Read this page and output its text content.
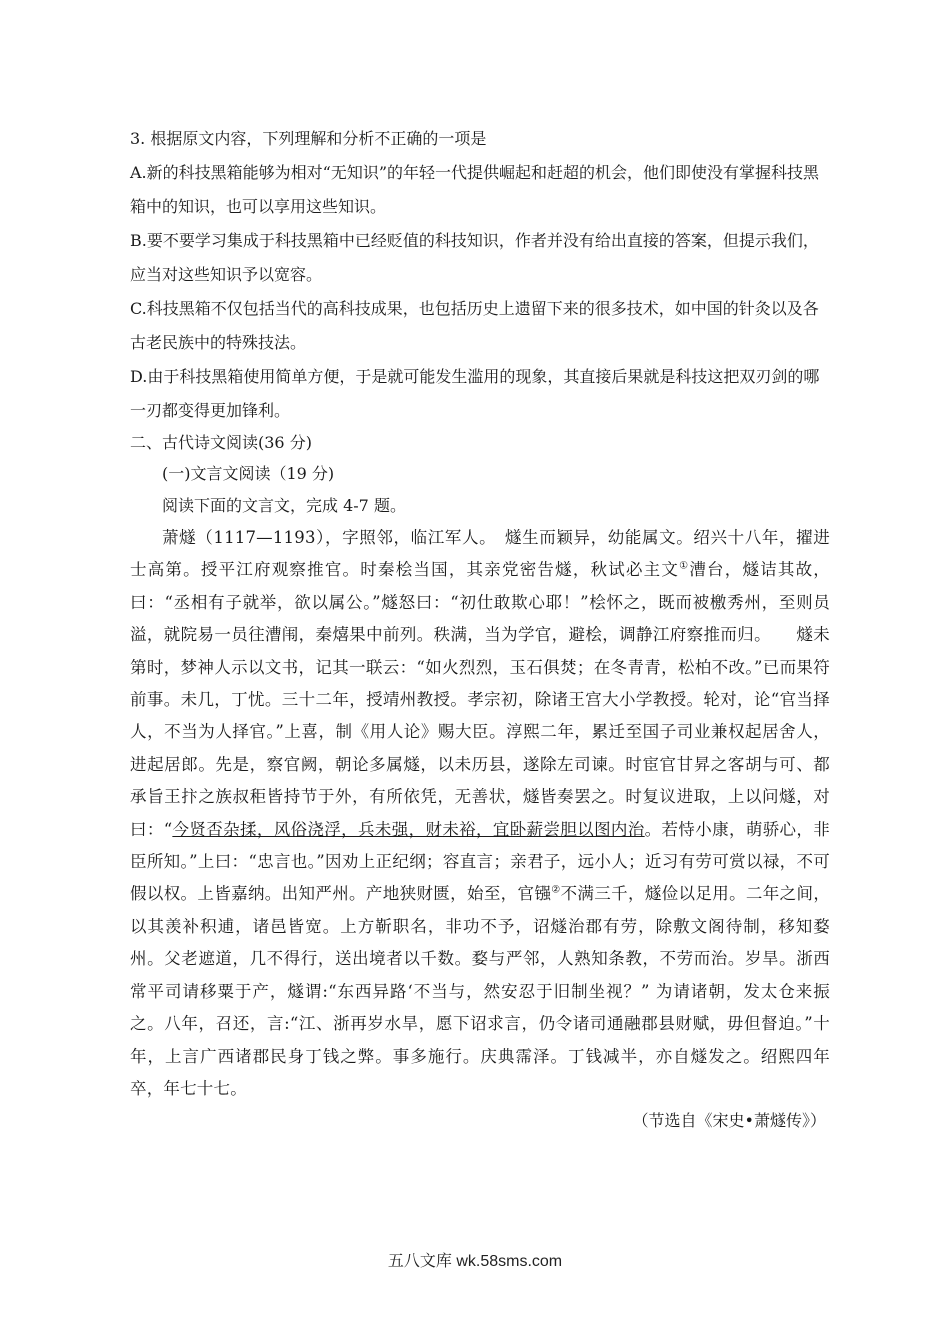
3. 根据原文内容，下列理解和分析不正确的一项是

A.新的科技黑箱能够为相对“无知识”的年轻一代提供崛起和赶超的机会，他们即使没有掌握科技黑箱中的知识，也可以享用这些知识。

B.要不要学习集成于科技黑箱中已经贬值的科技知识，作者并没有给出直接的答案，但提示我们，应当对这些知识予以宽容。

C.科技黑箱不仅包括当代的高科技成果，也包括历史上遗留下来的很多技术，如中国的针灸以及各古老民族中的特殊技法。

D.由于科技黑箱使用简单方便，于是就可能发生滥用的现象，其直接后果就是科技这把双刃剑的哪一刃都变得更加锋利。

二、古代诗文阅读(36 分)

(一)文言文阅读（19 分)

阅读下面的文言文，完成 4-7 题。

萧燧（1117—1193），字照邻，临江军人。　燧生而颖异，幼能属文。绍兴十八年，擢进士高第。授平江府观察推官。时秦桧当国，其亲党密告燧，秋试必主文①漕台，燧诘其故，曰：“丞相有子就举，欲以属公。”燧怒曰：“初仕敢欺心耶！”桧怀之，既而被檄秀州，至则员溢，就院易一员往漕闱，秦熺果中前列。秩满，当为学官，避桧，调静江府察推而归。　　燧未第时，梦神人示以文书，记其一联云：“如火烈烈，玉石俱焚；在冬青青，松柏不改。”已而果符前事。未几，丁忧。三十二年，授靖州教授。孝宗初，除诸王宫大小学教授。轮对，论“官当择人，不当为人择官。”上喜，制《用人论》赐大臣。淳熙二年，累迁至国子司业兼权起居舍人，进起居郎。先是，察官阙，朝论多属燧，以未历县，遂除左司谏。时宦官甘昇之客胡与可、都承旨王抃之族叔秬皆持节于外，有所依凭，无善状，燧皆奏罢之。时复议进取，上以问燧，对曰：“今贤否杂揉，风俗浇浮，兵未强，财未裕，宜卧薪尝胆以图内治。若恃小康，萌骄心，非臣所知。”上曰：“忠言也。”因劝上正纪纲；容直言；亲君子，远小人；近习有劳可赏以禄，不可假以权。上皆嘉纳。出知严州。产地狭财匮，始至，官镪②不满三千，燧俭以足用。二年之间，以其羡补积逋，诸邑皆宽。上方靳职名，非功不予，诏燧治郡有劳，除敷文阁待制，移知婺州。父老遮道，几不得行，送出境者以千数。婺与严邻，人熟知条教，不劳而治。岁旱。浙西常平司请移粟于产，燧谓:“东西异路‘不当与，然安忍于旧制坐视？” 为请诸朝，发太仓来振之。八年，召还，言:“江、浙再岁水旱，愿下诏求言，仍令诸司通融郡县财赋，毋但督迫。”十年，上言广西诸郡民身丁钱之弊。事多施行。庆典霈泽。丁钱减半，亦自燧发之。绍熙四年卒，年七十七。

（节选自《宋史•萧燧传》）

五八文库 wk.58sms.com
